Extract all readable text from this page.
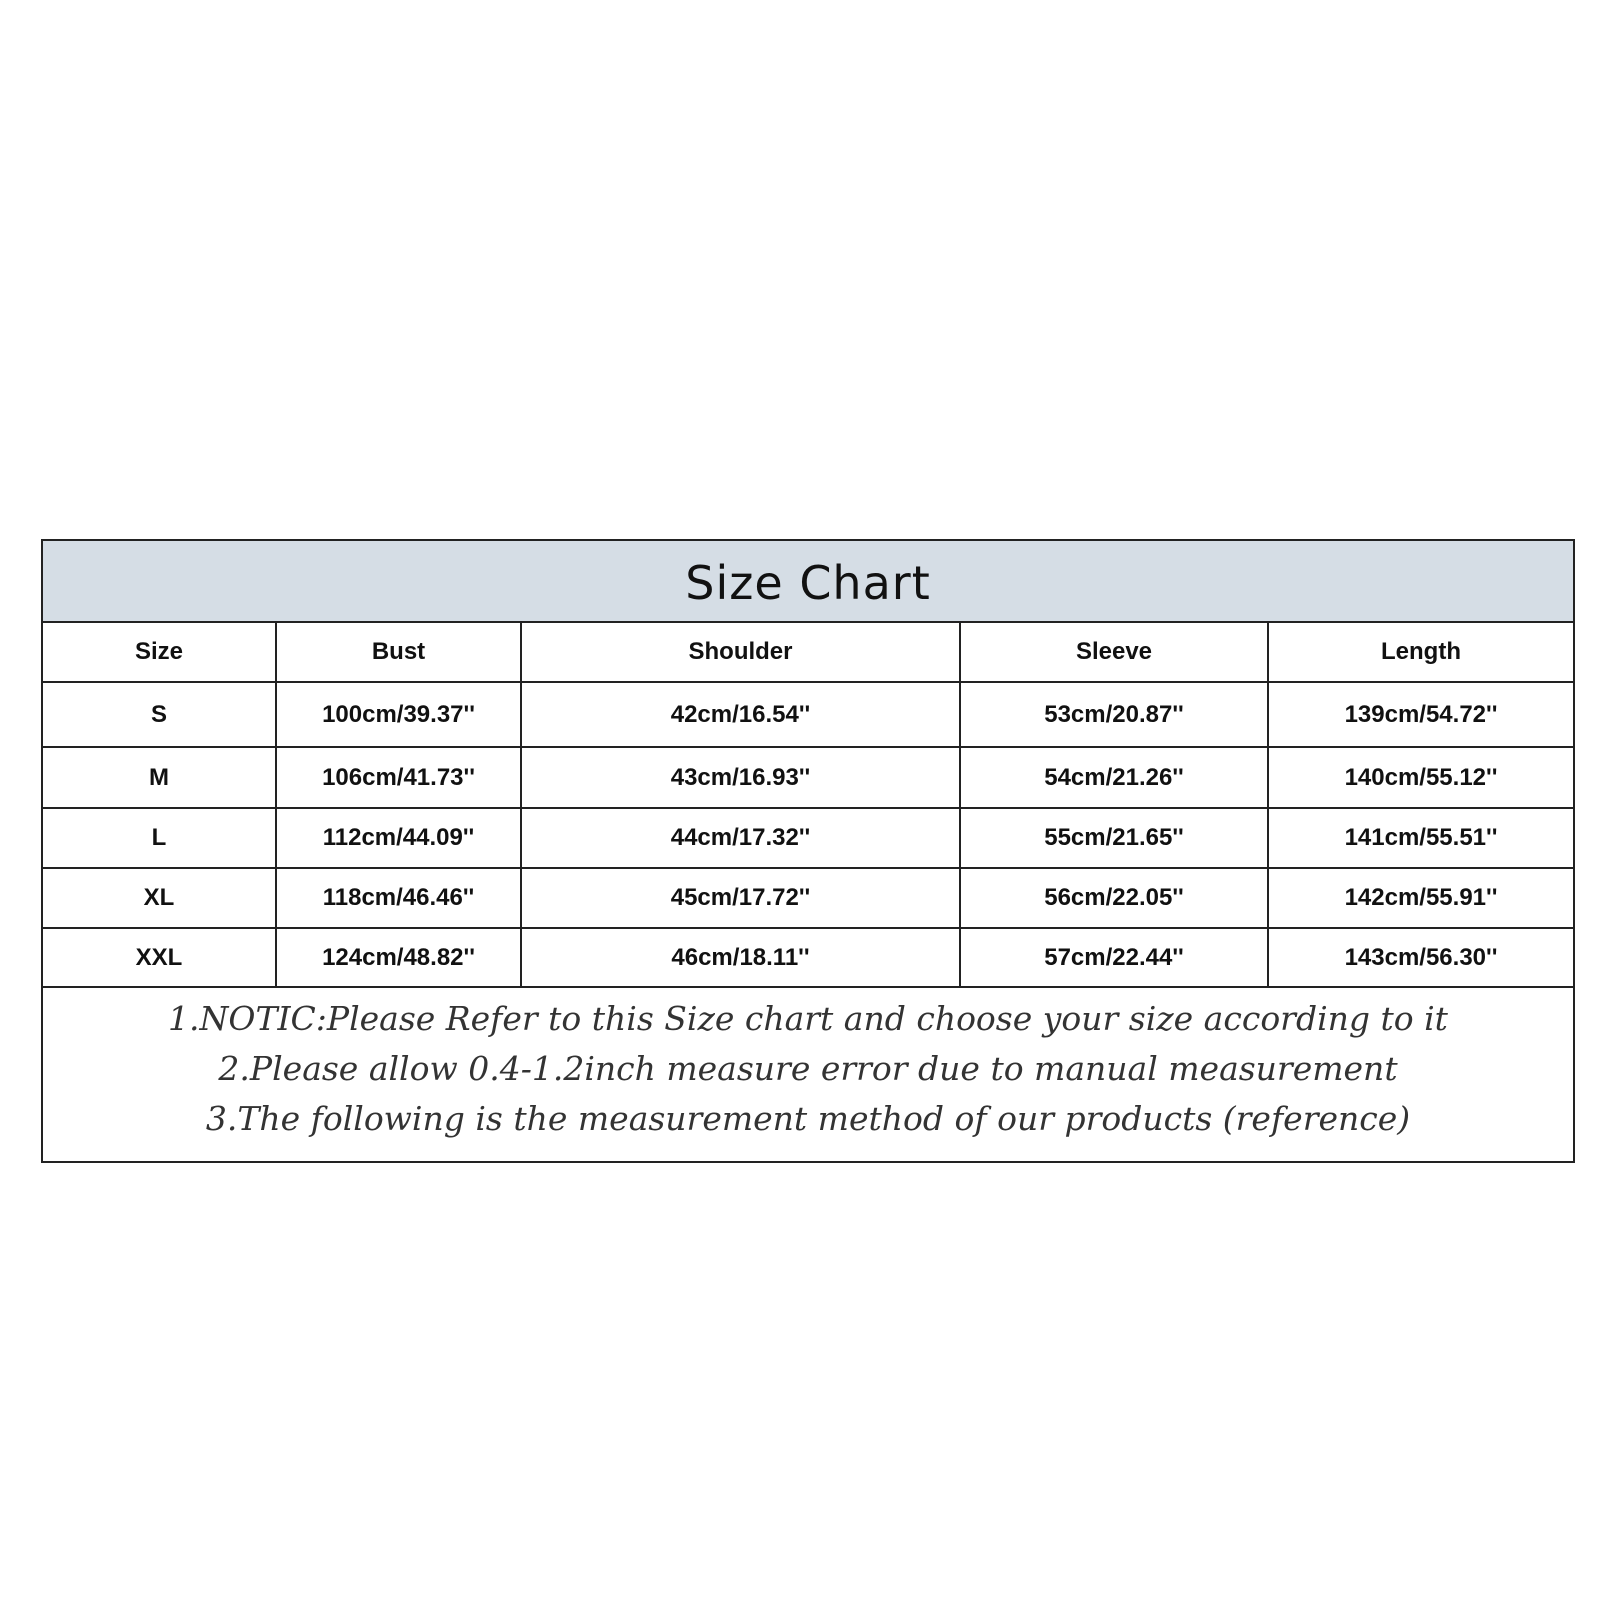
Size Chart
Size	Bust	Shoulder	Sleeve	Length
S	100cm/39.37''	42cm/16.54''	53cm/20.87''	139cm/54.72''
M	106cm/41.73''	43cm/16.93''	54cm/21.26''	140cm/55.12''
L	112cm/44.09''	44cm/17.32''	55cm/21.65''	141cm/55.51''
XL	118cm/46.46''	45cm/17.72''	56cm/22.05''	142cm/55.91''
XXL	124cm/48.82''	46cm/18.11''	57cm/22.44''	143cm/56.30''
1.NOTIC:Please Refer to this Size chart and choose your size according to it
2.Please allow 0.4-1.2inch measure error due to manual measurement
3.The following is the measurement method of our products (reference)
